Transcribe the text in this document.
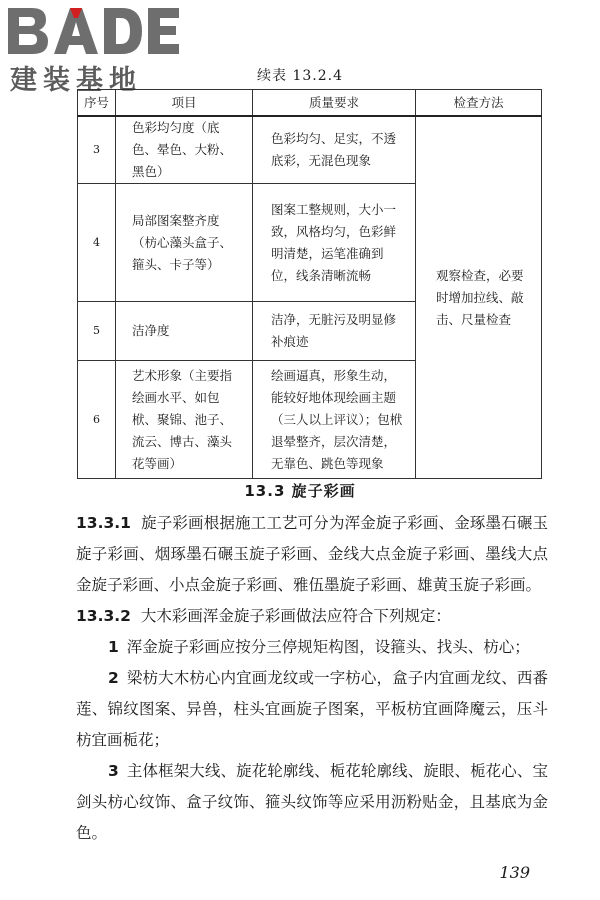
建装基地	续表 13.2.4
序号	项目	质量要求	检查方法
3	色彩均匀度（底色、晕色、大粉、黑色）	色彩均匀、足实，不透底彩，无混色现象	观察检查，必要时增加拉线、敲击、尺量检查
4	局部图案整齐度（枋心藻头盒子、箍头、卡子等）	图案工整规则，大小一致，风格均匀，色彩鲜明清楚，运笔准确到位，线条清晰流畅	
5	洁净度	洁净，无脏污及明显修补痕迹	
6	艺术形象（主要指绘画水平、如包栿、聚锦、池子、流云、博古、藻头花等画）	绘画逼真，形象生动，能较好地体现绘画主题（三人以上评议）；包栿退晕整齐，层次清楚，无靠色、跳色等现象	
13.3 旋子彩画

13.3.1 旋子彩画根据施工工艺可分为浑金旋子彩画、金琢墨石碾玉旋子彩画、烟琢墨石碾玉旋子彩画、金线大点金旋子彩画、墨线大点金旋子彩画、小点金旋子彩画、雅伍墨旋子彩画、雄黄玉旋子彩画。

13.3.2 大木彩画浑金旋子彩画做法应符合下列规定：

1 浑金旋子彩画应按分三停规矩构图，设箍头、找头、枋心；

2 梁枋大木枋心内宜画龙纹或一字枋心，盒子内宜画龙纹、西番莲、锦纹图案、异兽，柱头宜画旋子图案，平板枋宜画降魔云，压斗枋宜画栀花；

3 主体框架大线、旋花轮廓线、栀花轮廓线、旋眼、栀花心、宝剑头枋心纹饰、盒子纹饰、箍头纹饰等应采用沥粉贴金，且基底为金色。

139
